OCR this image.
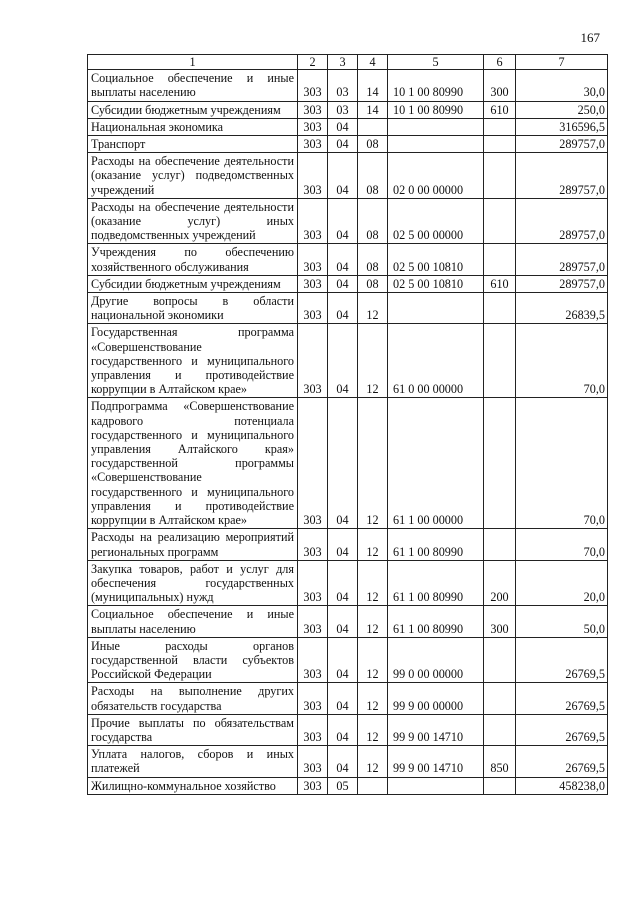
167
1	2	3	4	5	6	7
Социальное обеспечение и иные выплаты населению	303	03	14	10 1 00 80990	300	30,0
Субсидии бюджетным учреждениям	303	03	14	10 1 00 80990	610	250,0
Национальная экономика	303	04				316596,5
Транспорт	303	04	08			289757,0
Расходы на обеспечение деятельности (оказание услуг) подведомственных учреждений	303	04	08	02 0 00 00000		289757,0
Расходы на обеспечение деятельности (оказание услуг) иных подведомственных учреждений	303	04	08	02 5 00 00000		289757,0
Учреждения по обеспечению хозяйственного обслуживания	303	04	08	02 5 00 10810		289757,0
Субсидии бюджетным учреждениям	303	04	08	02 5 00 10810	610	289757,0
Другие вопросы в области национальной экономики	303	04	12			26839,5
Государственная программа «Совершенствование государственного и муниципального управления и противодействие коррупции в Алтайском крае»	303	04	12	61 0 00 00000		70,0
Подпрограмма «Совершенствование кадрового потенциала государственного и муниципального управления Алтайского края» государственной программы «Совершенствование государственного и муниципального управления и противодействие коррупции в Алтайском крае»	303	04	12	61 1 00 00000		70,0
Расходы на реализацию мероприятий региональных программ	303	04	12	61 1 00 80990		70,0
Закупка товаров, работ и услуг для обеспечения государственных (муниципальных) нужд	303	04	12	61 1 00 80990	200	20,0
Социальное обеспечение и иные выплаты населению	303	04	12	61 1 00 80990	300	50,0
Иные расходы органов государственной власти субъектов Российской Федерации	303	04	12	99 0 00 00000		26769,5
Расходы на выполнение других обязательств государства	303	04	12	99 9 00 00000		26769,5
Прочие выплаты по обязательствам государства	303	04	12	99 9 00 14710		26769,5
Уплата налогов, сборов и иных платежей	303	04	12	99 9 00 14710	850	26769,5
Жилищно-коммунальное хозяйство	303	05				458238,0
